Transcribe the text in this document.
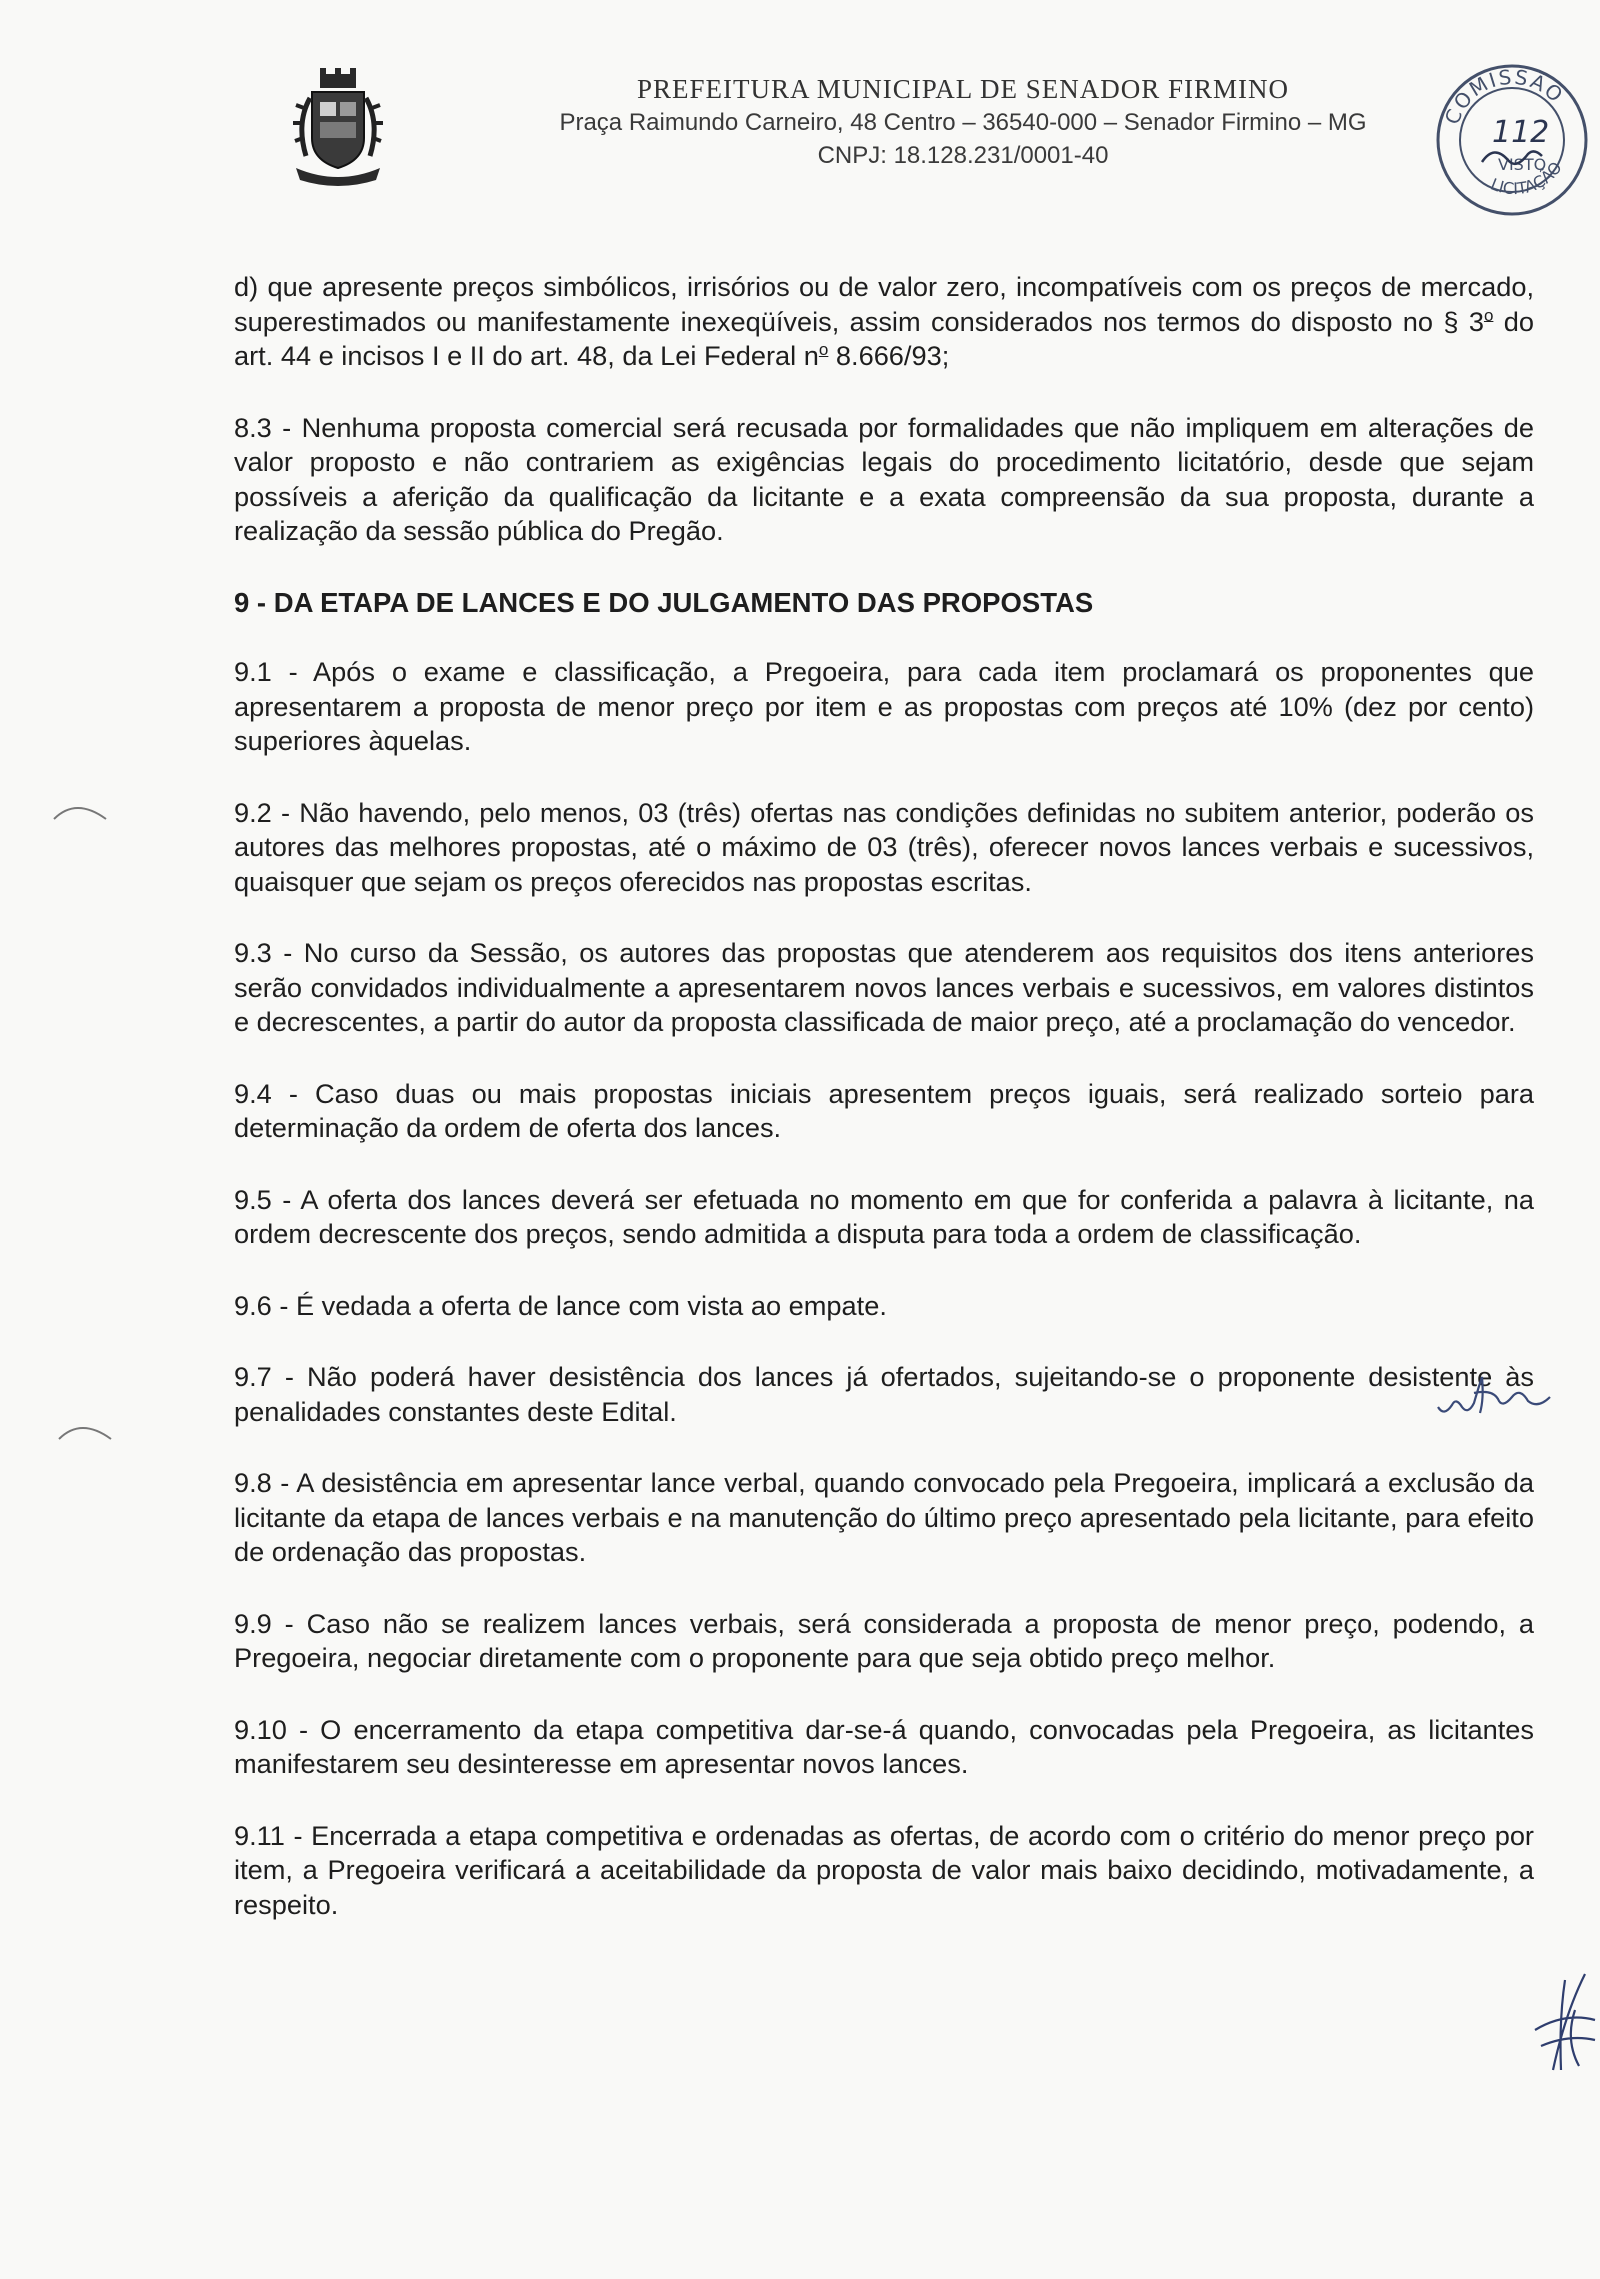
PREFEITURA MUNICIPAL DE SENADOR FIRMINO
Praça Raimundo Carneiro, 48 Centro – 36540-000 – Senador Firmino – MG
CNPJ: 18.128.231/0001-40
COMISSÃO
LICITAÇÃO
112
VISTO

d) que apresente preços simbólicos, irrisórios ou de valor zero, incompatíveis com os preços de mercado, superestimados ou manifestamente inexeqüíveis, assim considerados nos termos do disposto no § 3$^o$ do art. 44 e incisos I e II do art. 48, da Lei Federal $n^o$ 8.666/93;

8.3 - Nenhuma proposta comercial será recusada por formalidades que não impliquem em alterações de valor proposto e não contrariem as exigências legais do procedimento licitatório, desde que sejam possíveis a aferição da qualificação da licitante e a exata compreensão da sua proposta, durante a realização da sessão pública do Pregão.

9 - DA ETAPA DE LANCES E DO JULGAMENTO DAS PROPOSTAS

9.1 - Após o exame e classificação, a Pregoeira, para cada item proclamará os proponentes que apresentarem a proposta de menor preço por item e as propostas com preços até 10% (dez por cento) superiores àquelas.

9.2 - Não havendo, pelo menos, 03 (três) ofertas nas condições definidas no subitem anterior, poderão os autores das melhores propostas, até o máximo de 03 (três), oferecer novos lances verbais e sucessivos, quaisquer que sejam os preços oferecidos nas propostas escritas.

9.3 - No curso da Sessão, os autores das propostas que atenderem aos requisitos dos itens anteriores serão convidados individualmente a apresentarem novos lances verbais e sucessivos, em valores distintos e decrescentes, a partir do autor da proposta classificada de maior preço, até a proclamação do vencedor.

9.4 - Caso duas ou mais propostas iniciais apresentem preços iguais, será realizado sorteio para determinação da ordem de oferta dos lances.

9.5 - A oferta dos lances deverá ser efetuada no momento em que for conferida a palavra à licitante, na ordem decrescente dos preços, sendo admitida a disputa para toda a ordem de classificação.

9.6 - É vedada a oferta de lance com vista ao empate.

9.7 - Não poderá haver desistência dos lances já ofertados, sujeitando-se o proponente desistente às penalidades constantes deste Edital.

9.8 - A desistência em apresentar lance verbal, quando convocado pela Pregoeira, implicará a exclusão da licitante da etapa de lances verbais e na manutenção do último preço apresentado pela licitante, para efeito de ordenação das propostas.

9.9 - Caso não se realizem lances verbais, será considerada a proposta de menor preço, podendo, a Pregoeira, negociar diretamente com o proponente para que seja obtido preço melhor.

9.10 - O encerramento da etapa competitiva dar-se-á quando, convocadas pela Pregoeira, as licitantes manifestarem seu desinteresse em apresentar novos lances.

9.11 - Encerrada a etapa competitiva e ordenadas as ofertas, de acordo com o critério do menor preço por item, a Pregoeira verificará a aceitabilidade da proposta de valor mais baixo decidindo, motivadamente, a respeito.
